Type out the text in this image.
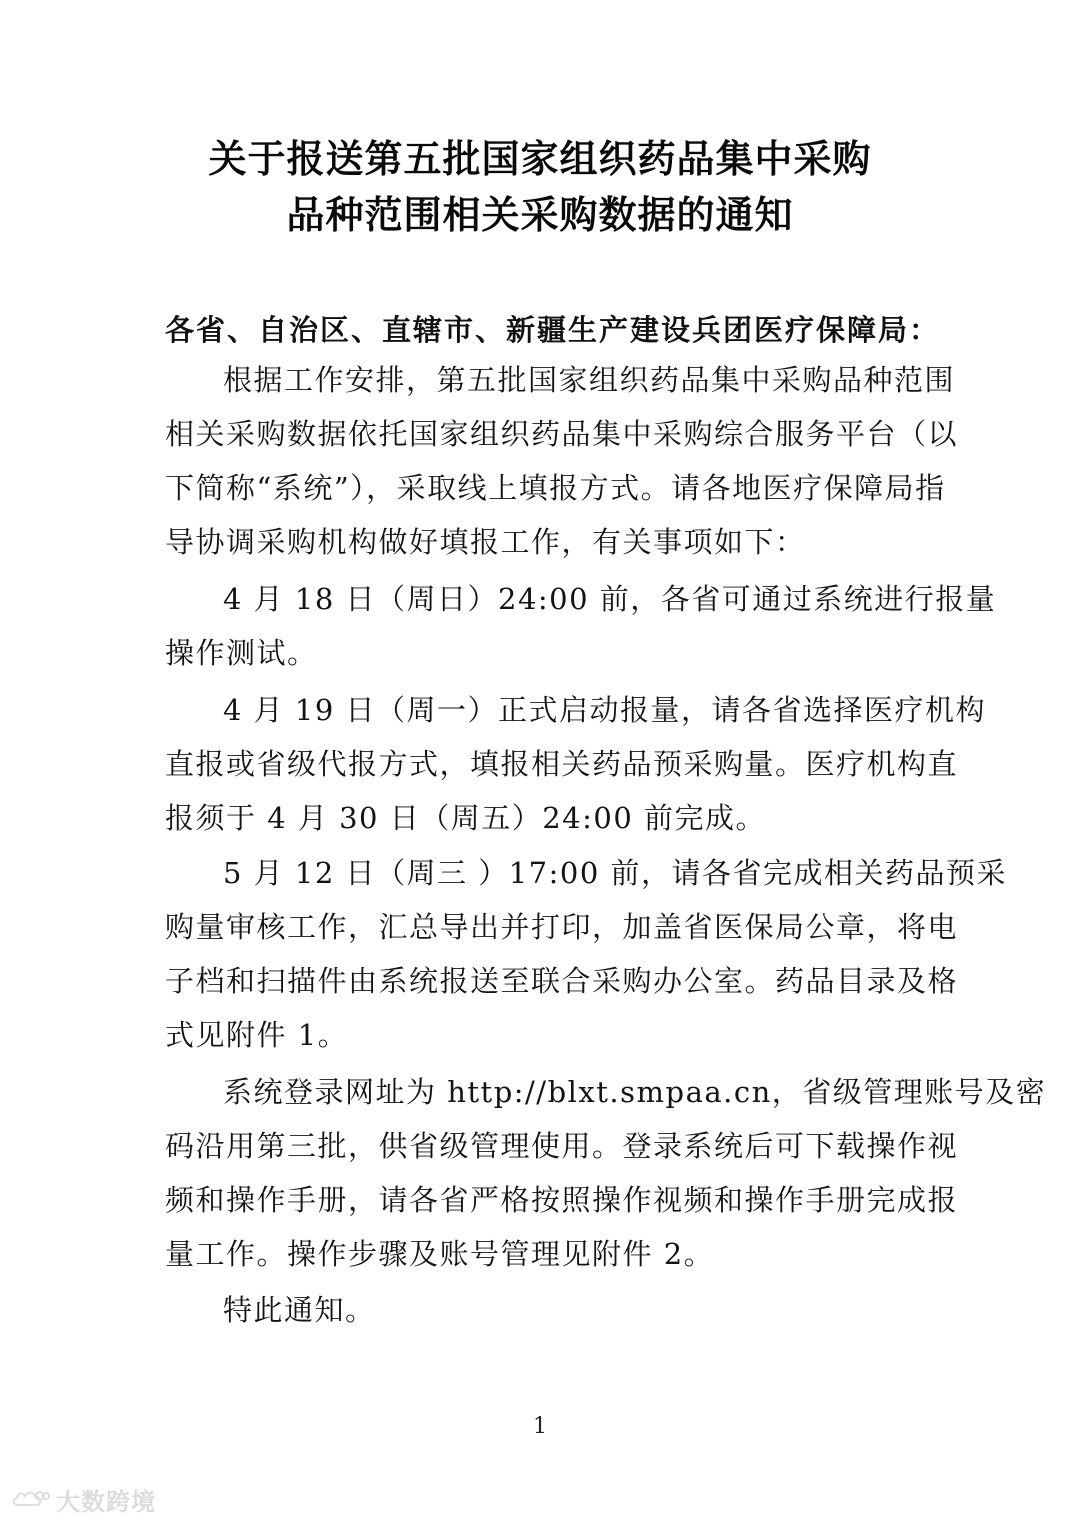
关于报送第五批国家组织药品集中采购
品种范围相关采购数据的通知
各省、自治区、直辖市、新疆生产建设兵团医疗保障局：
根据工作安排，第五批国家组织药品集中采购品种范围
相关采购数据依托国家组织药品集中采购综合服务平台（以
下简称“系统”），采取线上填报方式。请各地医疗保障局指
导协调采购机构做好填报工作，有关事项如下：
4 月 18 日（周日）24:00 前，各省可通过系统进行报量
操作测试。
4 月 19 日（周一）正式启动报量，请各省选择医疗机构
直报或省级代报方式，填报相关药品预采购量。医疗机构直
报须于 4 月 30 日（周五）24:00 前完成。
5 月 12 日（周三 ）17:00 前，请各省完成相关药品预采
购量审核工作，汇总导出并打印，加盖省医保局公章，将电
子档和扫描件由系统报送至联合采购办公室。药品目录及格
式见附件 1。
系统登录网址为 http://blxt.smpaa.cn，省级管理账号及密
码沿用第三批，供省级管理使用。登录系统后可下载操作视
频和操作手册，请各省严格按照操作视频和操作手册完成报
量工作。操作步骤及账号管理见附件 2。
特此通知。
1
大数跨境
